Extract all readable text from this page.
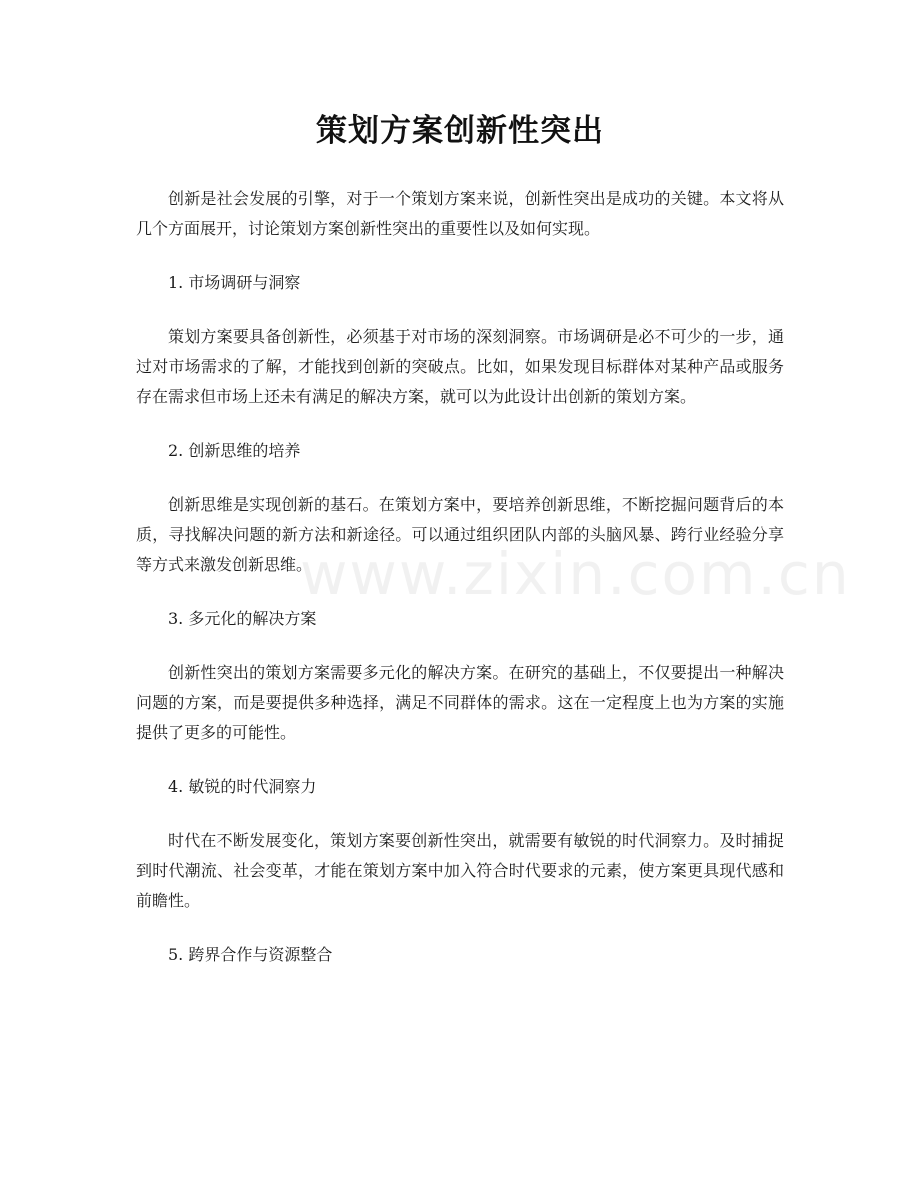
策划方案创新性突出

创新是社会发展的引擎，对于一个策划方案来说，创新性突出是成功的关键。本文将从几个方面展开，讨论策划方案创新性突出的重要性以及如何实现。

1. 市场调研与洞察

策划方案要具备创新性，必须基于对市场的深刻洞察。市场调研是必不可少的一步，通过对市场需求的了解，才能找到创新的突破点。比如，如果发现目标群体对某种产品或服务存在需求但市场上还未有满足的解决方案，就可以为此设计出创新的策划方案。

2. 创新思维的培养

创新思维是实现创新的基石。在策划方案中，要培养创新思维，不断挖掘问题背后的本质，寻找解决问题的新方法和新途径。可以通过组织团队内部的头脑风暴、跨行业经验分享等方式来激发创新思维。

3. 多元化的解决方案

创新性突出的策划方案需要多元化的解决方案。在研究的基础上，不仅要提出一种解决问题的方案，而是要提供多种选择，满足不同群体的需求。这在一定程度上也为方案的实施提供了更多的可能性。

4. 敏锐的时代洞察力

时代在不断发展变化，策划方案要创新性突出，就需要有敏锐的时代洞察力。及时捕捉到时代潮流、社会变革，才能在策划方案中加入符合时代要求的元素，使方案更具现代感和前瞻性。

5. 跨界合作与资源整合

www.zixin.com.cn
